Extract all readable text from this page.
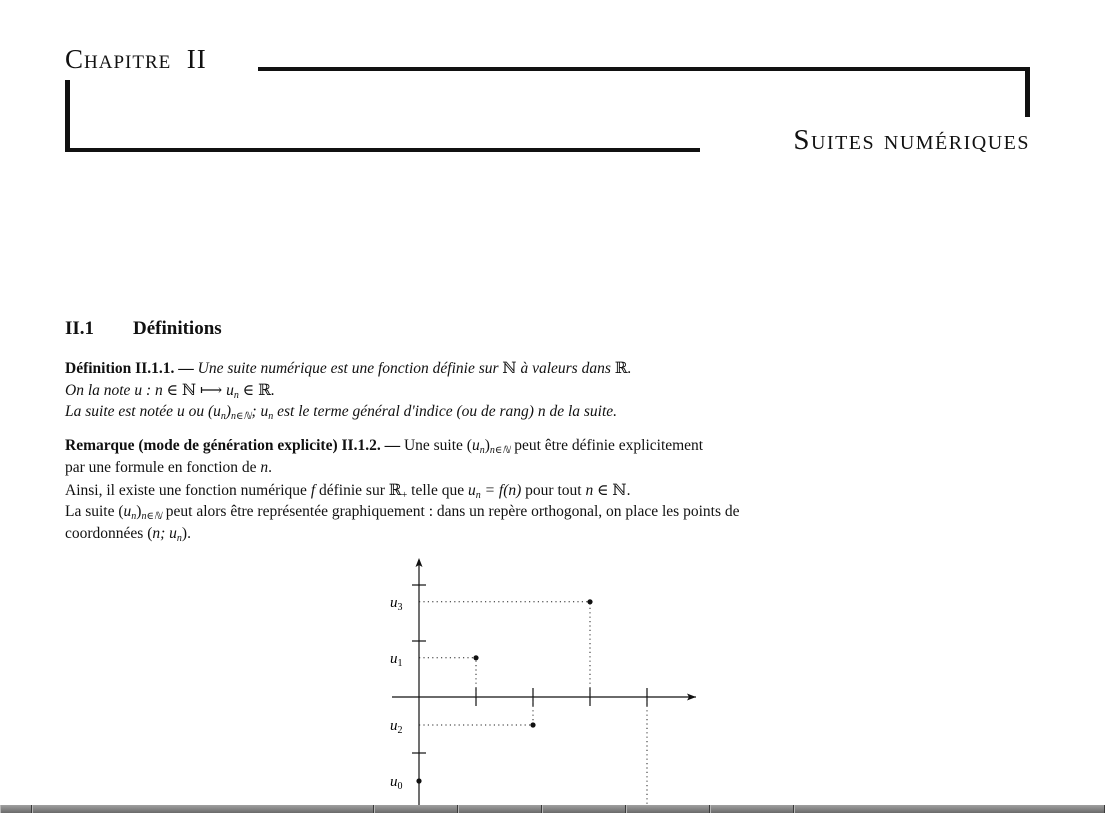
Chapitre II
Suites numériques
II.1 Définitions
Définition II.1.1. — Une suite numérique est une fonction définie sur ℕ à valeurs dans ℝ.
On la note u : n ∈ ℕ ⟼ $u_n$ ∈ ℝ.
La suite est notée u ou $(u_n)_{n\in ℕ}$; $u_n$ est le terme général d'indice (ou de rang) n de la suite.
Remarque (mode de génération explicite) II.1.2. — Une suite $(u_n)_{n\in ℕ}$ peut être définie explicitement
par une formule en fonction de n.
Ainsi, il existe une fonction numérique f définie sur ℝ$_+$ telle que $u_n = f(n)$ pour tout n ∈ ℕ.
La suite $(u_n)_{n\in ℕ}$ peut alors être représentée graphiquement : dans un repère orthogonal, on place les points de
coordonnées (n; $u_n$).
$u_3$
$u_1$
$u_2$
$u_0$
